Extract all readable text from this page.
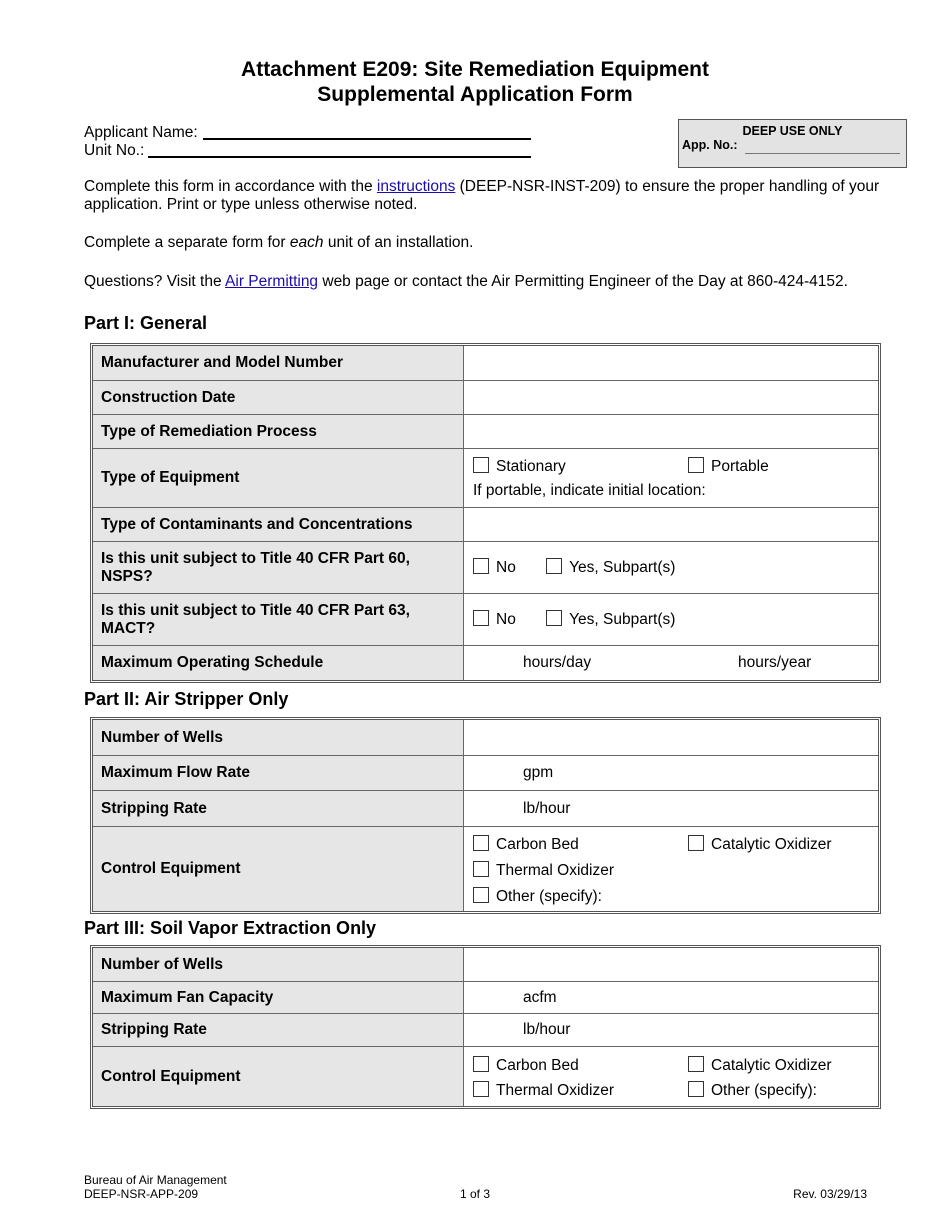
Attachment E209: Site Remediation Equipment
Supplemental Application Form
Applicant Name:
Unit No.:
DEEP USE ONLY
App. No.:
Complete this form in accordance with the instructions (DEEP-NSR-INST-209) to ensure the proper handling of your application. Print or type unless otherwise noted.
Complete a separate form for each unit of an installation.
Questions? Visit the Air Permitting web page or contact the Air Permitting Engineer of the Day at 860-424-4152.
Part I: General
Manufacturer and Model Number	
Construction Date	
Type of Remediation Process	
Type of Equipment	Stationary Portable
If portable, indicate initial location:

Type of Contaminants and Concentrations	
Is this unit subject to Title 40 CFR Part 60, NSPS?	No Yes, Subpart(s)
Is this unit subject to Title 40 CFR Part 63, MACT?	No Yes, Subpart(s)
Maximum Operating Schedule	hours/day hours/year
Part II: Air Stripper Only
Number of Wells	
Maximum Flow Rate	gpm
Stripping Rate	lb/hour
Control Equipment	Carbon Bed Catalytic Oxidizer
Thermal Oxidizer
Other (specify):
Part III: Soil Vapor Extraction Only
Number of Wells	
Maximum Fan Capacity	acfm
Stripping Rate	lb/hour
Control Equipment	Carbon Bed Catalytic Oxidizer
Thermal Oxidizer Other (specify):
Bureau of Air Management
DEEP-NSR-APP-209	1 of 3	Rev. 03/29/13
